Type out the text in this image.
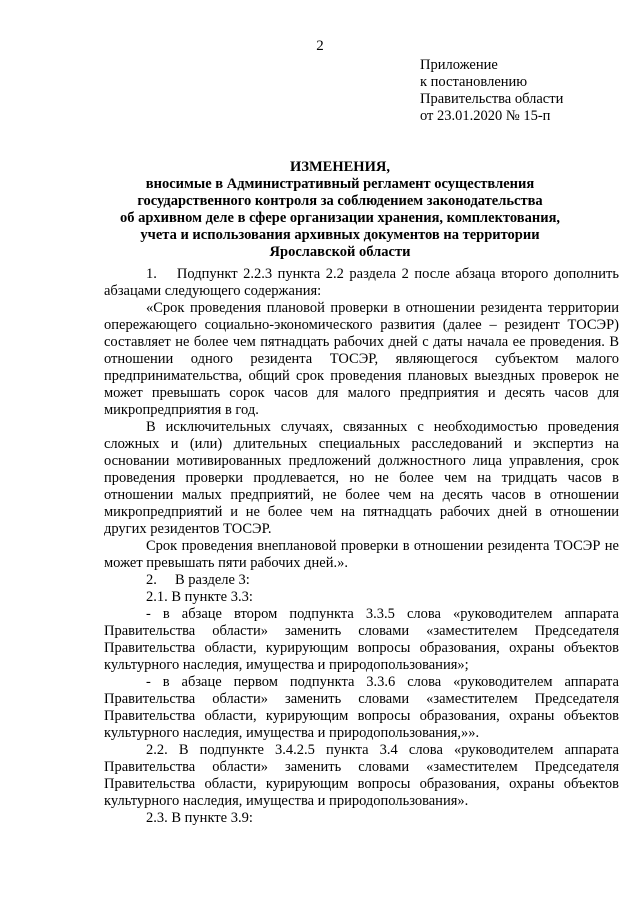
2
Приложение
к постановлению
Правительства области
от 23.01.2020 № 15-п
ИЗМЕНЕНИЯ,
вносимые в Административный регламент осуществления
государственного контроля за соблюдением законодательства
об архивном деле в сфере организации хранения, комплектования,
учета и использования архивных документов на территории
Ярославской области

1.  Подпункт 2.2.3 пункта 2.2 раздела 2 после абзаца второго дополнить абзацами следующего содержания:

«Срок проведения плановой проверки в отношении резидента территории опережающего социально-экономического развития (далее – резидент ТОСЭР) составляет не более чем пятнадцать рабочих дней с даты начала ее проведения. В отношении одного резидента ТОСЭР, являющегося субъектом малого предпринимательства, общий срок проведения плановых выездных проверок не может превышать сорок часов для малого предприятия и десять часов для микропредприятия в год.

В исключительных случаях, связанных с необходимостью проведения сложных и (или) длительных специальных расследований и экспертиз на основании мотивированных предложений должностного лица управления, срок проведения проверки продлевается, но не более чем на тридцать часов в отношении малых предприятий, не более чем на десять часов в отношении микропредприятий и не более чем на пятнадцать рабочих дней в отношении других резидентов ТОСЭР.

Срок проведения внеплановой проверки в отношении резидента ТОСЭР не может превышать пяти рабочих дней.».

2.  В разделе 3:

2.1. В пункте 3.3:

- в абзаце втором подпункта 3.3.5 слова «руководителем аппарата Правительства области» заменить словами «заместителем Председателя Правительства области, курирующим вопросы образования, охраны объектов культурного наследия, имущества и природопользования»;

- в абзаце первом подпункта 3.3.6 слова «руководителем аппарата Правительства области» заменить словами «заместителем Председателя Правительства области, курирующим вопросы образования, охраны объектов культурного наследия, имущества и природопользования,»».

2.2. В подпункте 3.4.2.5 пункта 3.4 слова «руководителем аппарата Правительства области» заменить словами «заместителем Председателя Правительства области, курирующим вопросы образования, охраны объектов культурного наследия, имущества и природопользования».

2.3. В пункте 3.9:
